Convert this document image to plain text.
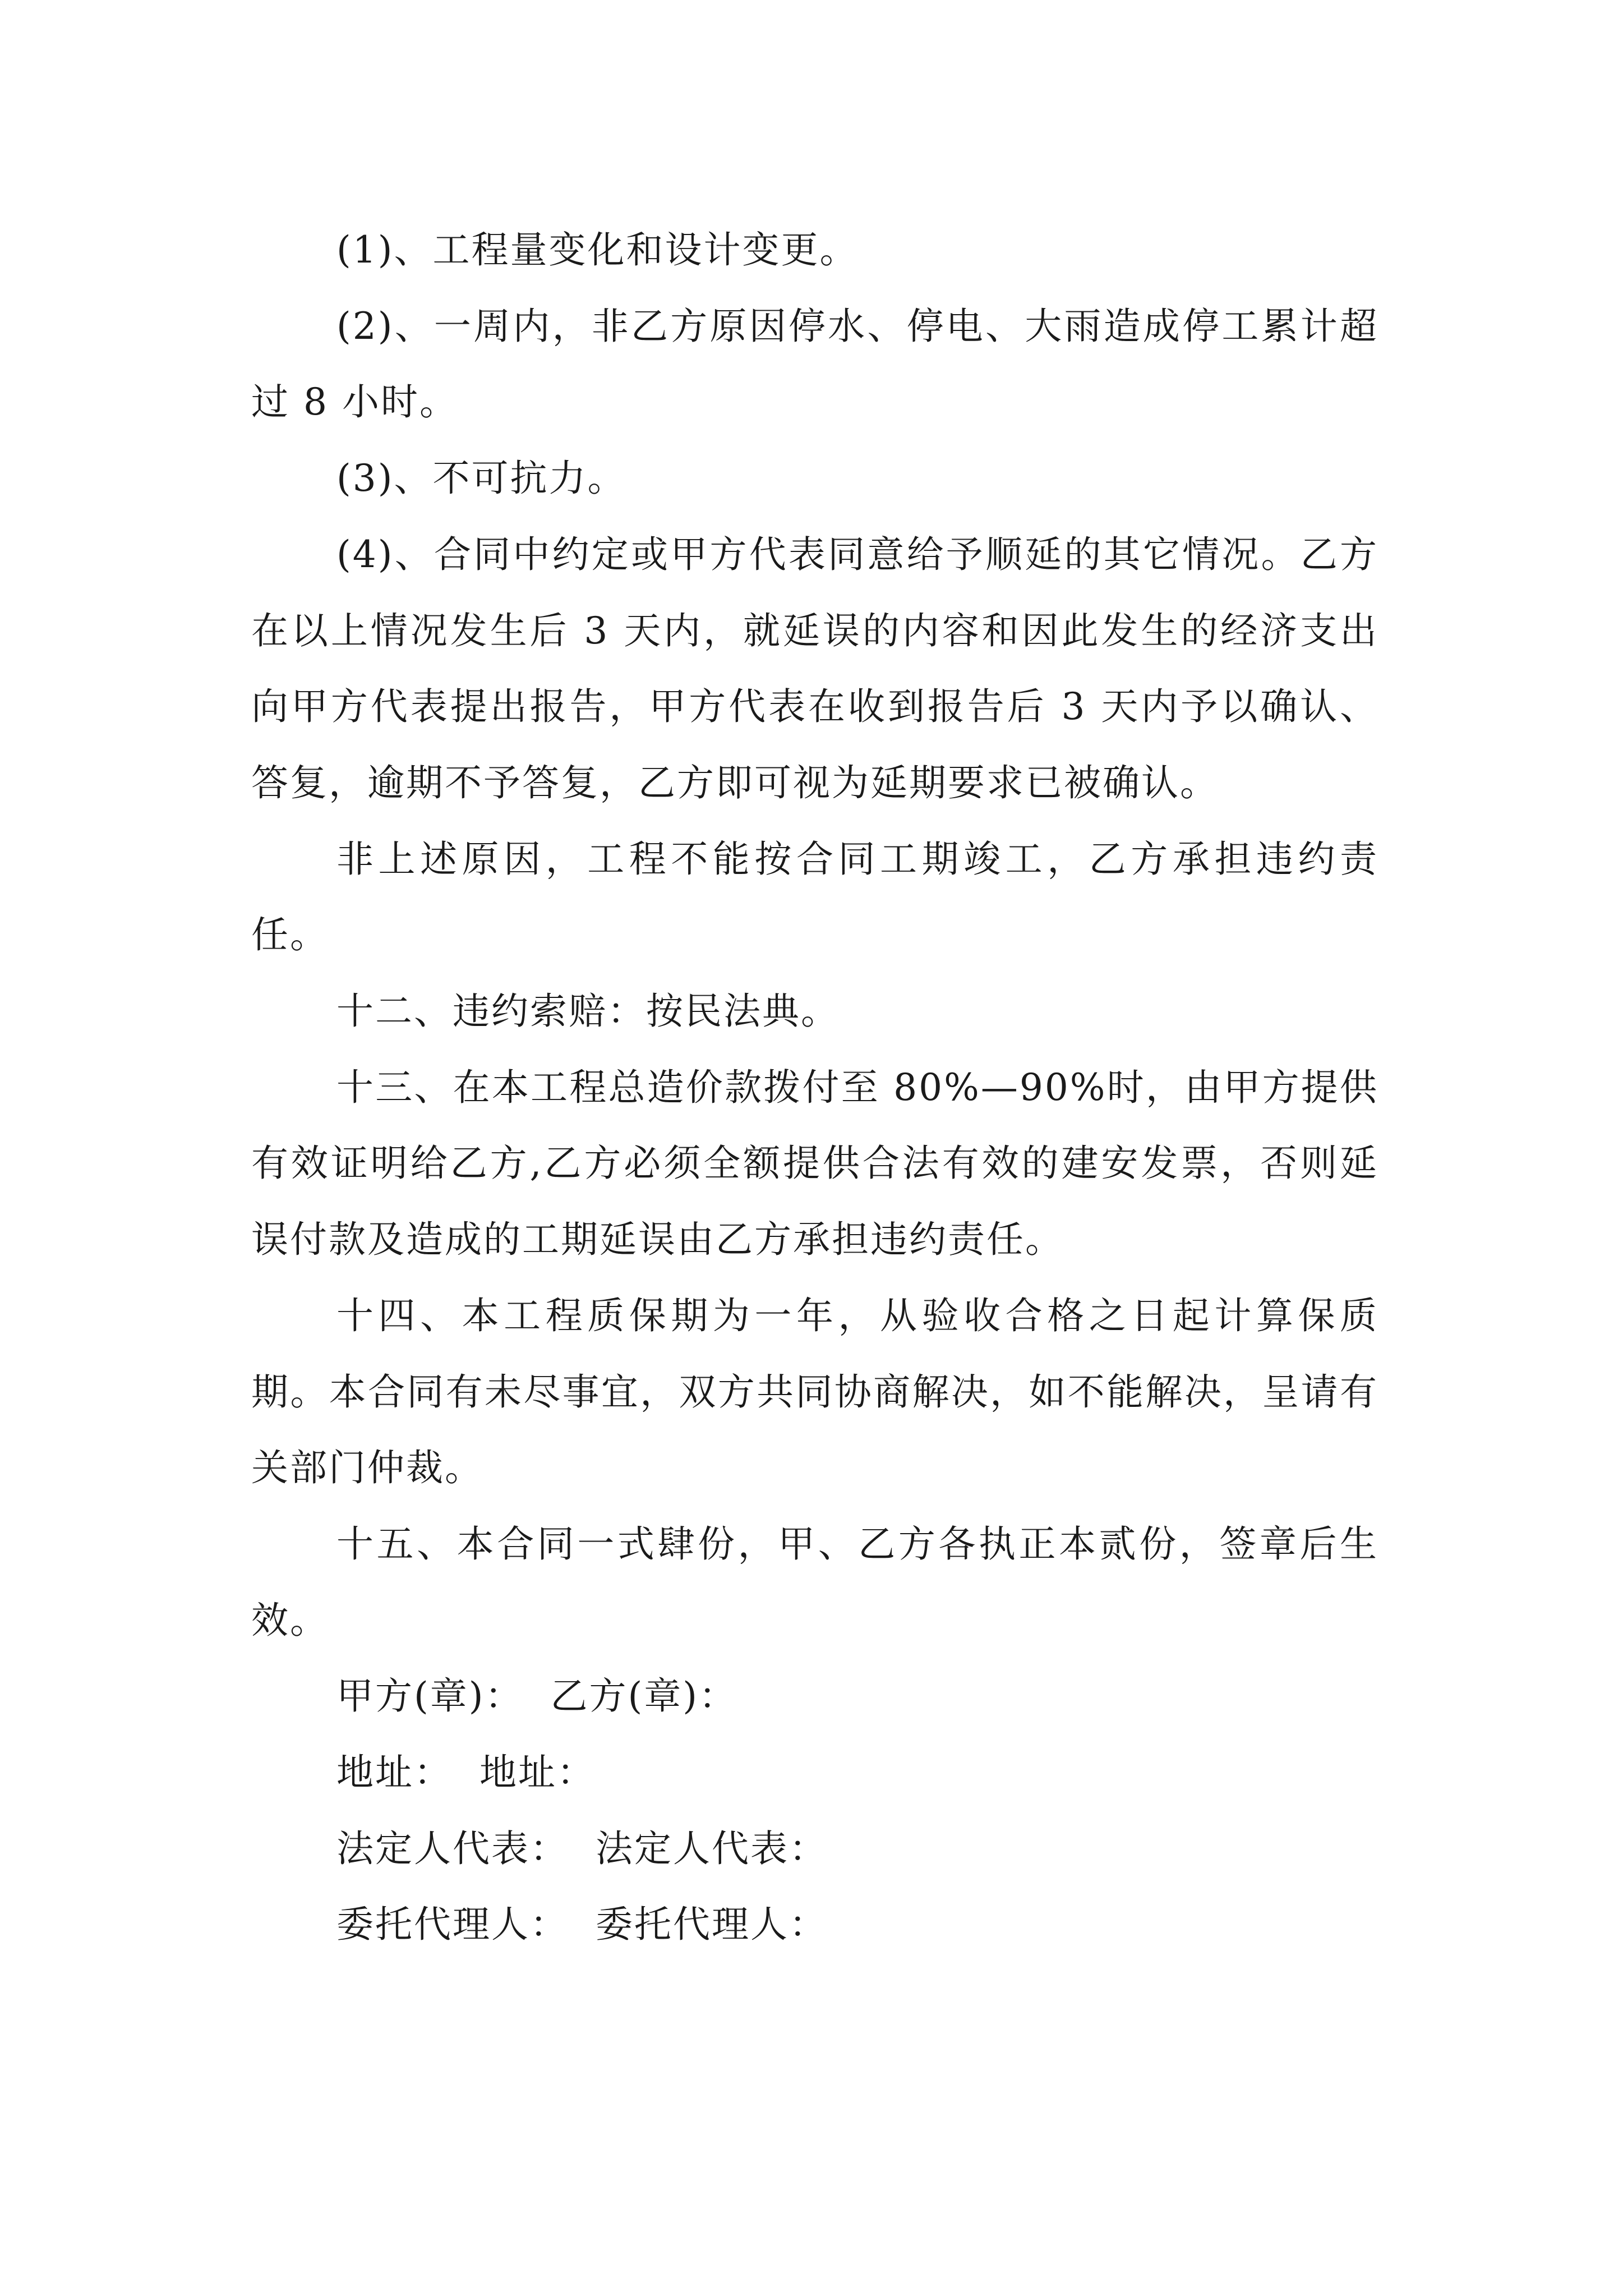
(1)、工程量变化和设计变更。

(2)、一周内，非乙方原因停水、停电、大雨造成停工累计超过 8 小时。

(3)、不可抗力。

(4)、合同中约定或甲方代表同意给予顺延的其它情况。乙方在以上情况发生后 3 天内，就延误的内容和因此发生的经济支出向甲方代表提出报告，甲方代表在收到报告后 3 天内予以确认、答复，逾期不予答复，乙方即可视为延期要求已被确认。

非上述原因，工程不能按合同工期竣工，乙方承担违约责任。

十二、违约索赔：按民法典。

十三、在本工程总造价款拨付至 80%—90%时，由甲方提供有效证明给乙方,乙方必须全额提供合法有效的建安发票，否则延误付款及造成的工期延误由乙方承担违约责任。

十四、本工程质保期为一年，从验收合格之日起计算保质期。本合同有未尽事宜，双方共同协商解决，如不能解决，呈请有关部门仲裁。

十五、本合同一式肆份，甲、乙方各执正本贰份，签章后生效。

甲方(章)：  乙方(章)：

地址：  地址：

法定人代表：  法定人代表：

委托代理人：  委托代理人：
